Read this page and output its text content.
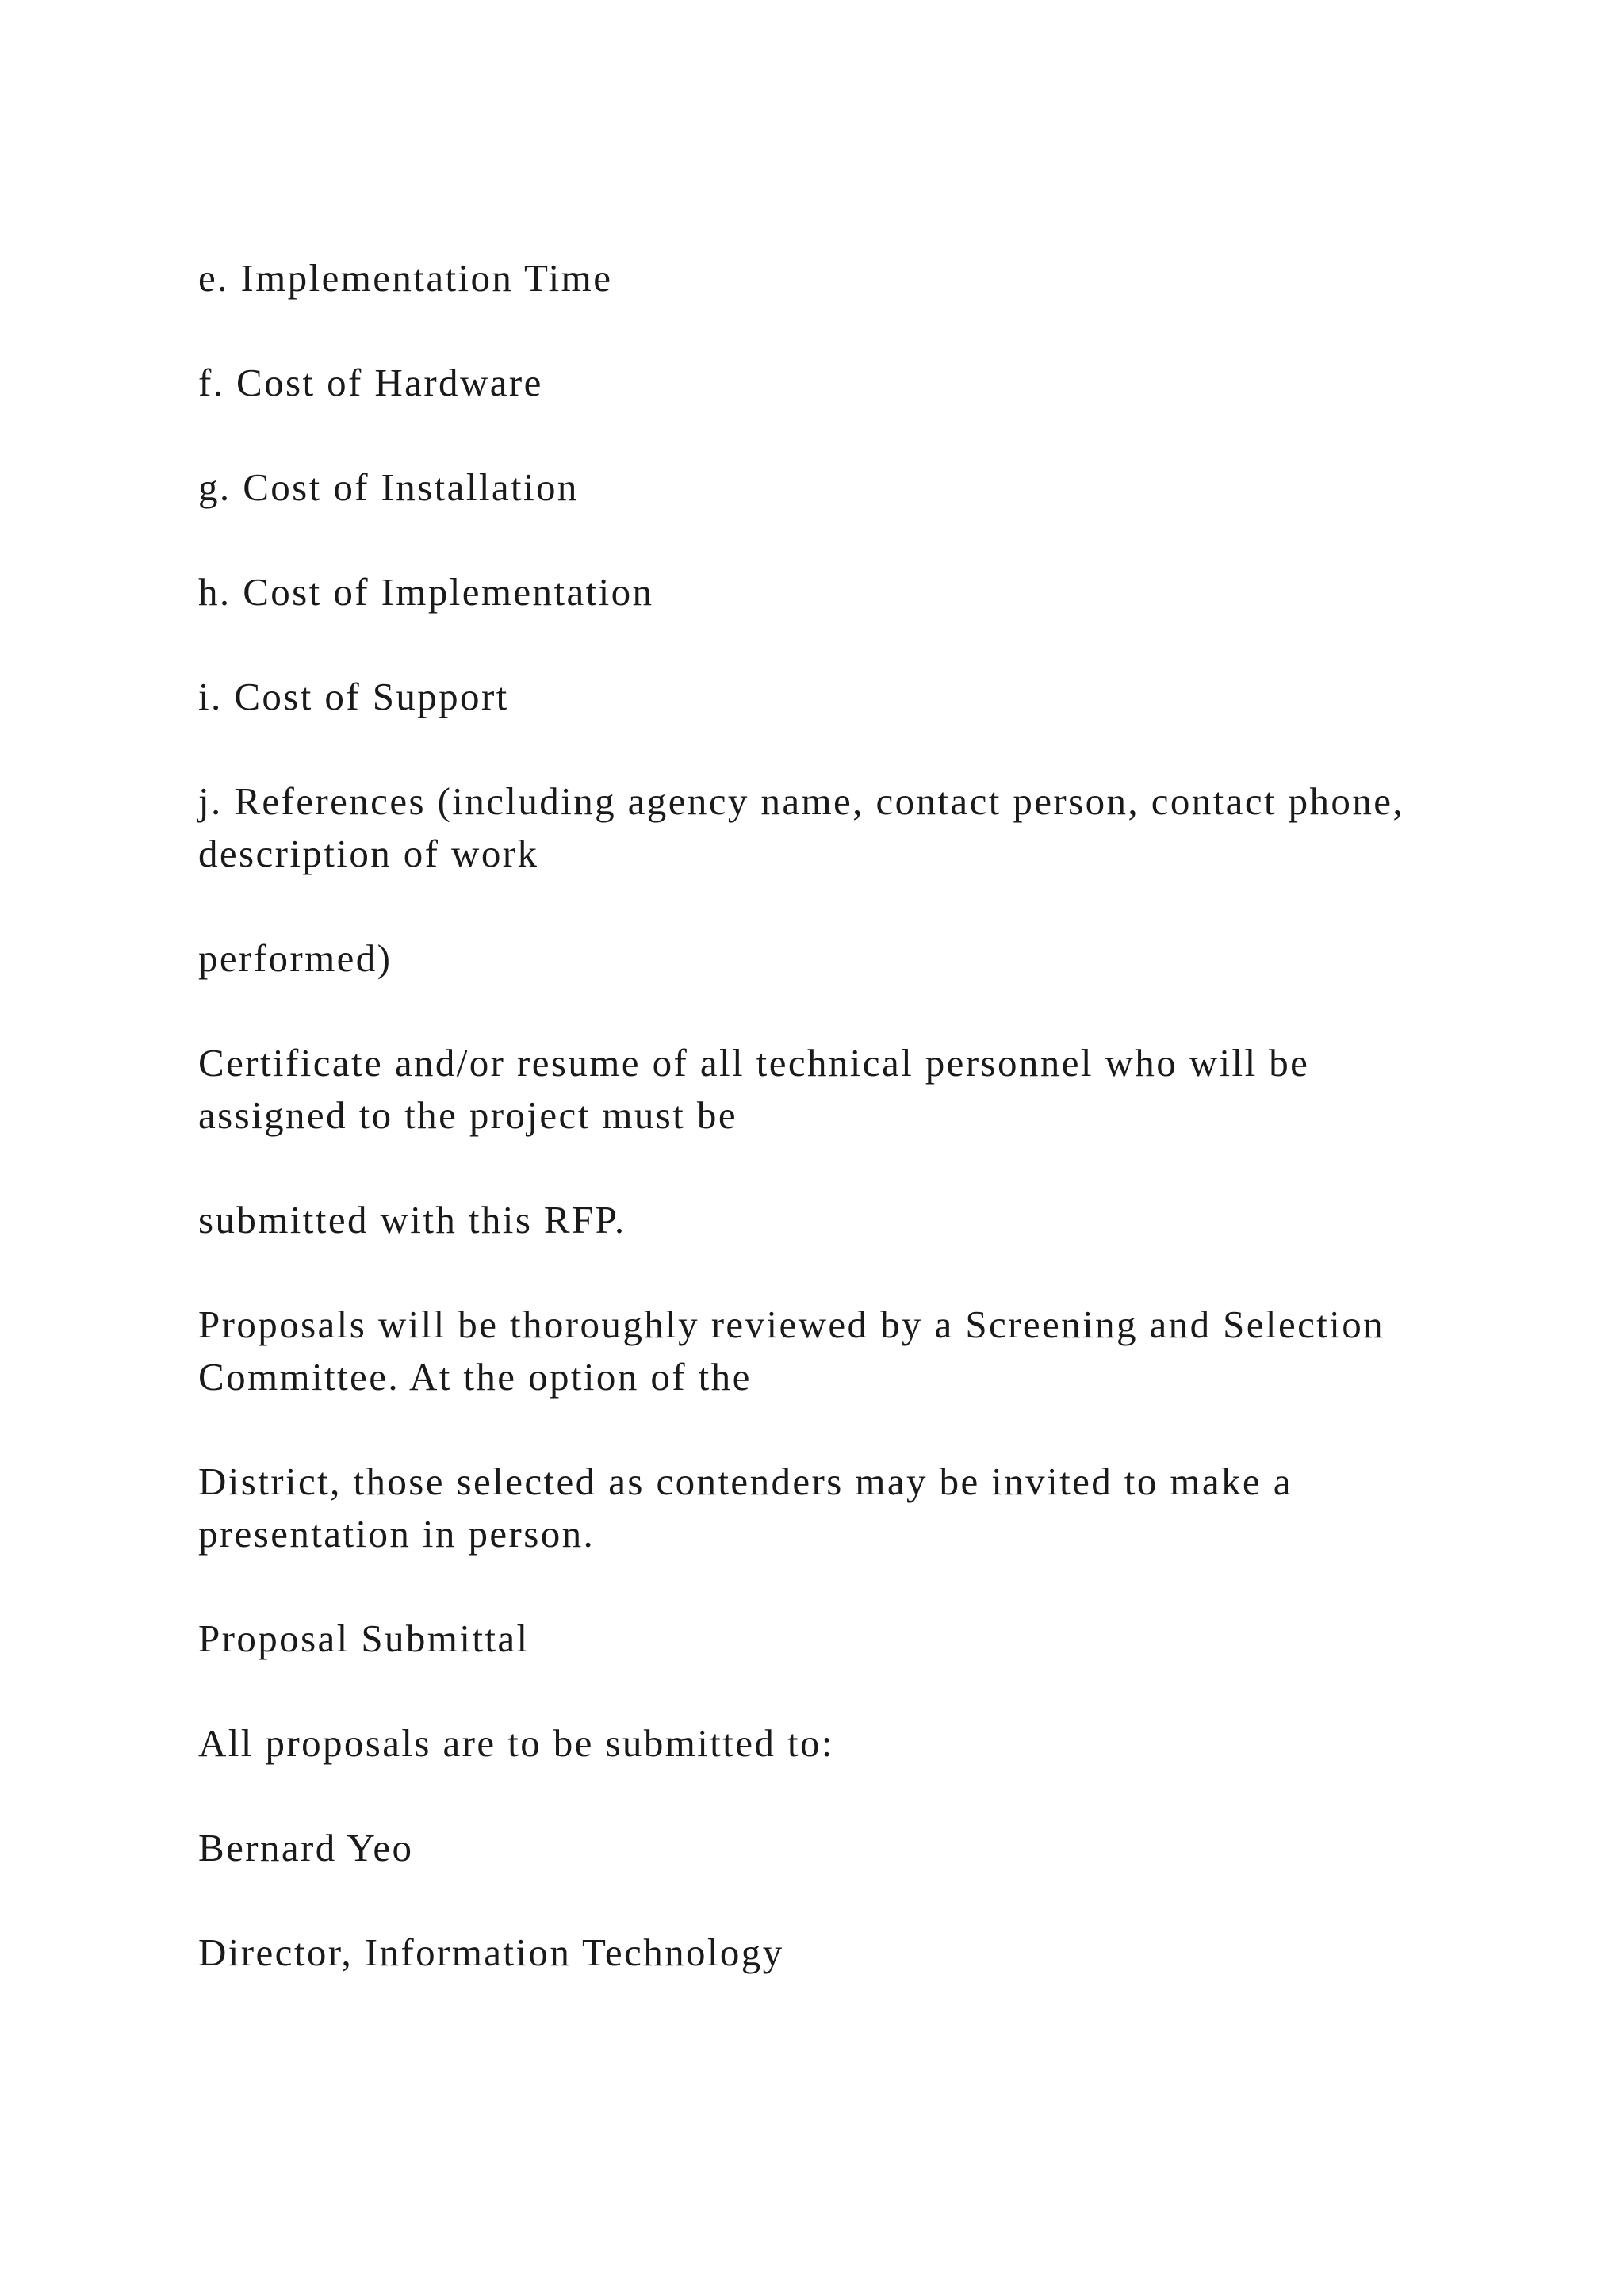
e. Implementation Time

f. Cost of Hardware

g. Cost of Installation

h. Cost of Implementation

i. Cost of Support

j. References (including agency name, contact person, contact phone, description of work

performed)

Certificate and/or resume of all technical personnel who will be assigned to the project must be

submitted with this RFP.

Proposals will be thoroughly reviewed by a Screening and Selection Committee. At the option of the

District, those selected as contenders may be invited to make a presentation in person.

Proposal Submittal

All proposals are to be submitted to:

Bernard Yeo

Director, Information Technology
